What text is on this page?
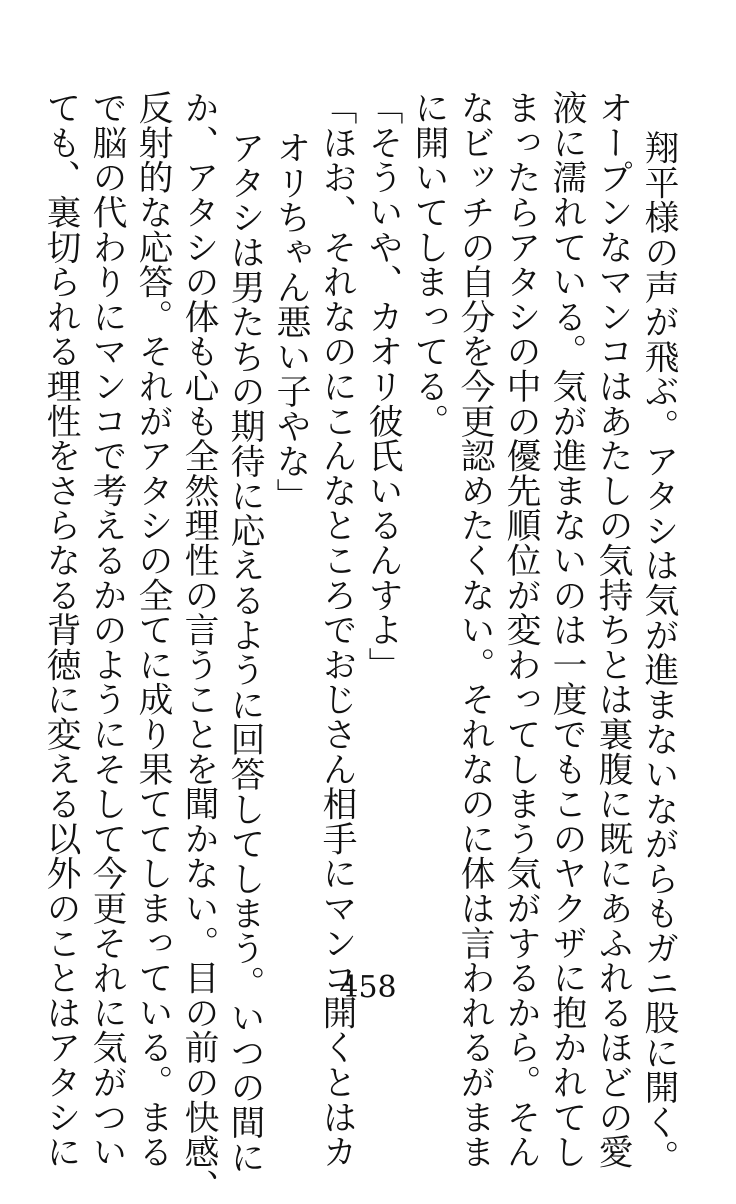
翔平様の声が飛ぶ。アタシは気が進まないながらもガニ股に開く。
オープンなマンコはあたしの気持ちとは裏腹に既にあふれるほどの愛
液に濡れている。気が進まないのは一度でもこのヤクザに抱かれてし
まったらアタシの中の優先順位が変わってしまう気がするから。そん
なビッチの自分を今更認めたくない。それなのに体は言われるがまま
に開いてしまってる。
「そういや、カオリ彼氏いるんすよ」
「ほお、それなのにこんなところでおじさん相手にマンコ開くとはカ
オリちゃん悪い子やな」
アタシは男たちの期待に応えるように回答してしまう。いつの間に
か、アタシの体も心も全然理性の言うことを聞かない。目の前の快感、
反射的な応答。それがアタシの全てに成り果ててしまっている。まる
で脳の代わりにマンコで考えるかのようにそして今更それに気がつい
ても、裏切られる理性をさらなる背徳に変える以外のことはアタシに	458
